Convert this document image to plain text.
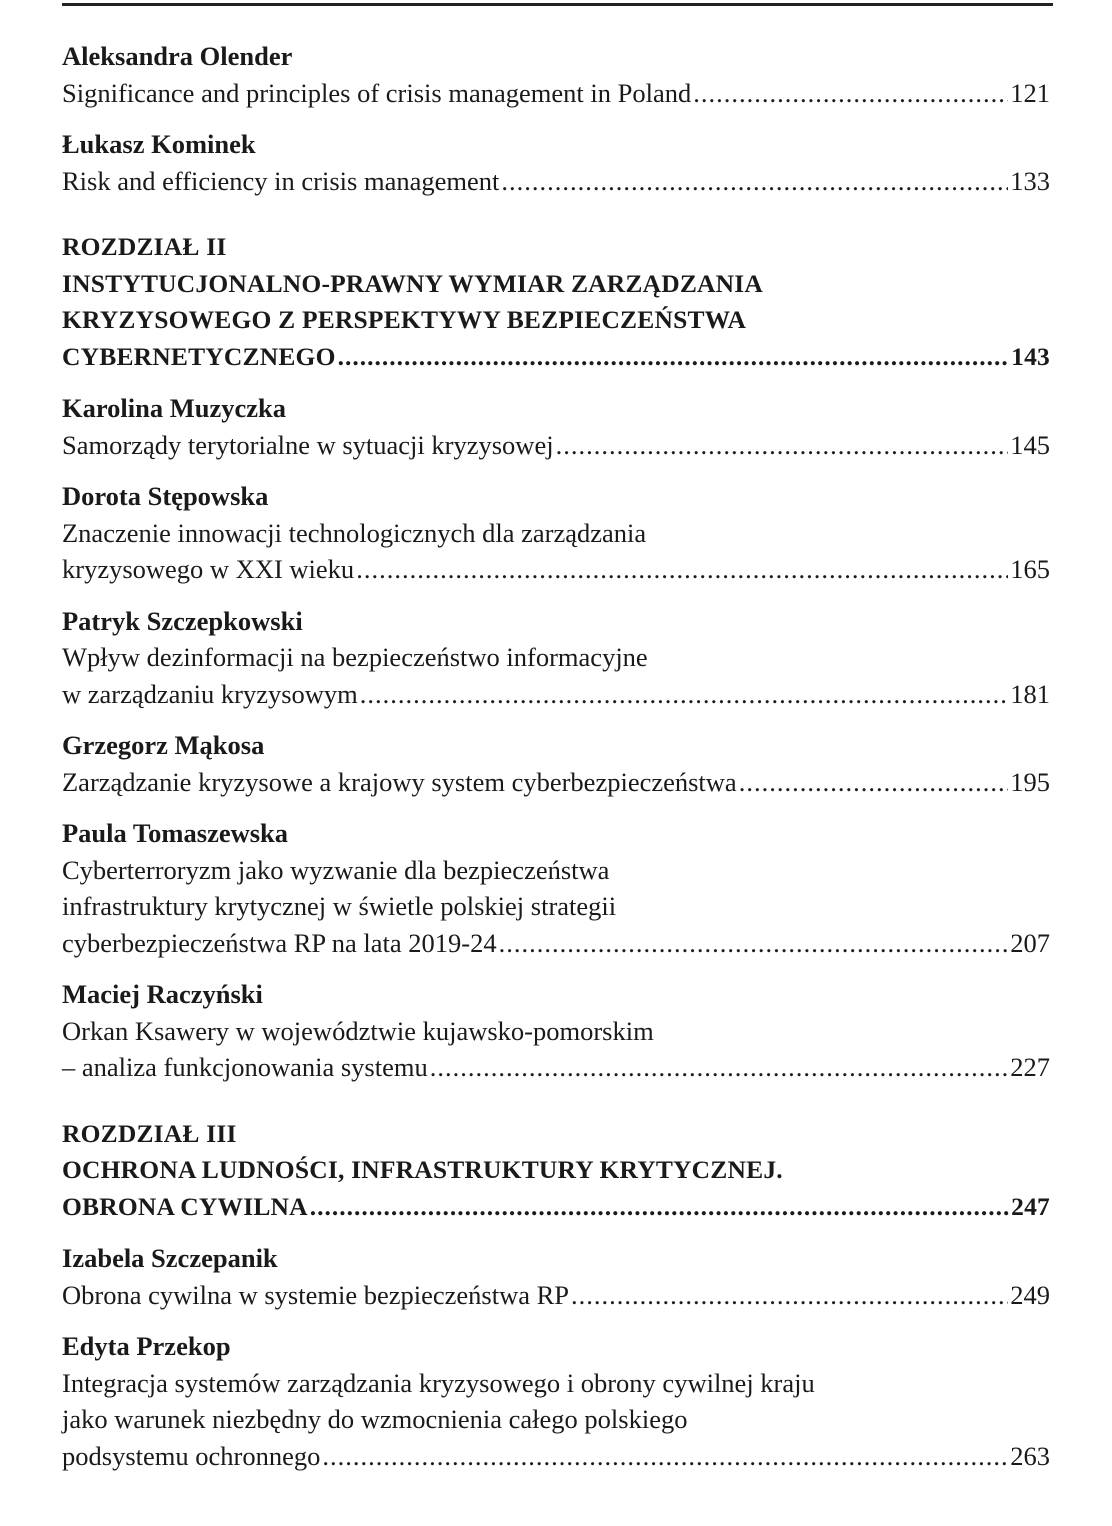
Aleksandra Olender
Significance and principles of crisis management in Poland .....	121
Łukasz Kominek
Risk and efficiency in crisis management .....	133
ROZDZIAŁ II
INSTYTUCJONALNO-PRAWNY WYMIAR ZARZĄDZANIA
KRYZYSOWEGO Z PERSPEKTYWY BEZPIECZEŃSTWA
CYBERNETYCZNEGO .....	143
Karolina Muzyczka
Samorządy terytorialne w sytuacji kryzysowej .....	145
Dorota Stępowska
Znaczenie innowacji technologicznych dla zarządzania
kryzysowego w XXI wieku .....	165
Patryk Szczepkowski
Wpływ dezinformacji na bezpieczeństwo informacyjne
w zarządzaniu kryzysowym .....	181
Grzegorz Mąkosa
Zarządzanie kryzysowe a krajowy system cyberbezpieczeństwa .....	195
Paula Tomaszewska
Cyberterroryzm jako wyzwanie dla bezpieczeństwa
infrastruktury krytycznej w świetle polskiej strategii
cyberbezpieczeństwa RP na lata 2019-24 .....	207
Maciej Raczyński
Orkan Ksawery w województwie kujawsko-pomorskim
– analiza funkcjonowania systemu .....	227
ROZDZIAŁ III
OCHRONA LUDNOŚCI, INFRASTRUKTURY KRYTYCZNEJ.
OBRONA CYWILNA .....	247
Izabela Szczepanik
Obrona cywilna w systemie bezpieczeństwa RP .....	249
Edyta Przekop
Integracja systemów zarządzania kryzysowego i obrony cywilnej kraju
jako warunek niezbędny do wzmocnienia całego polskiego
podsystemu ochronnego .....	263
